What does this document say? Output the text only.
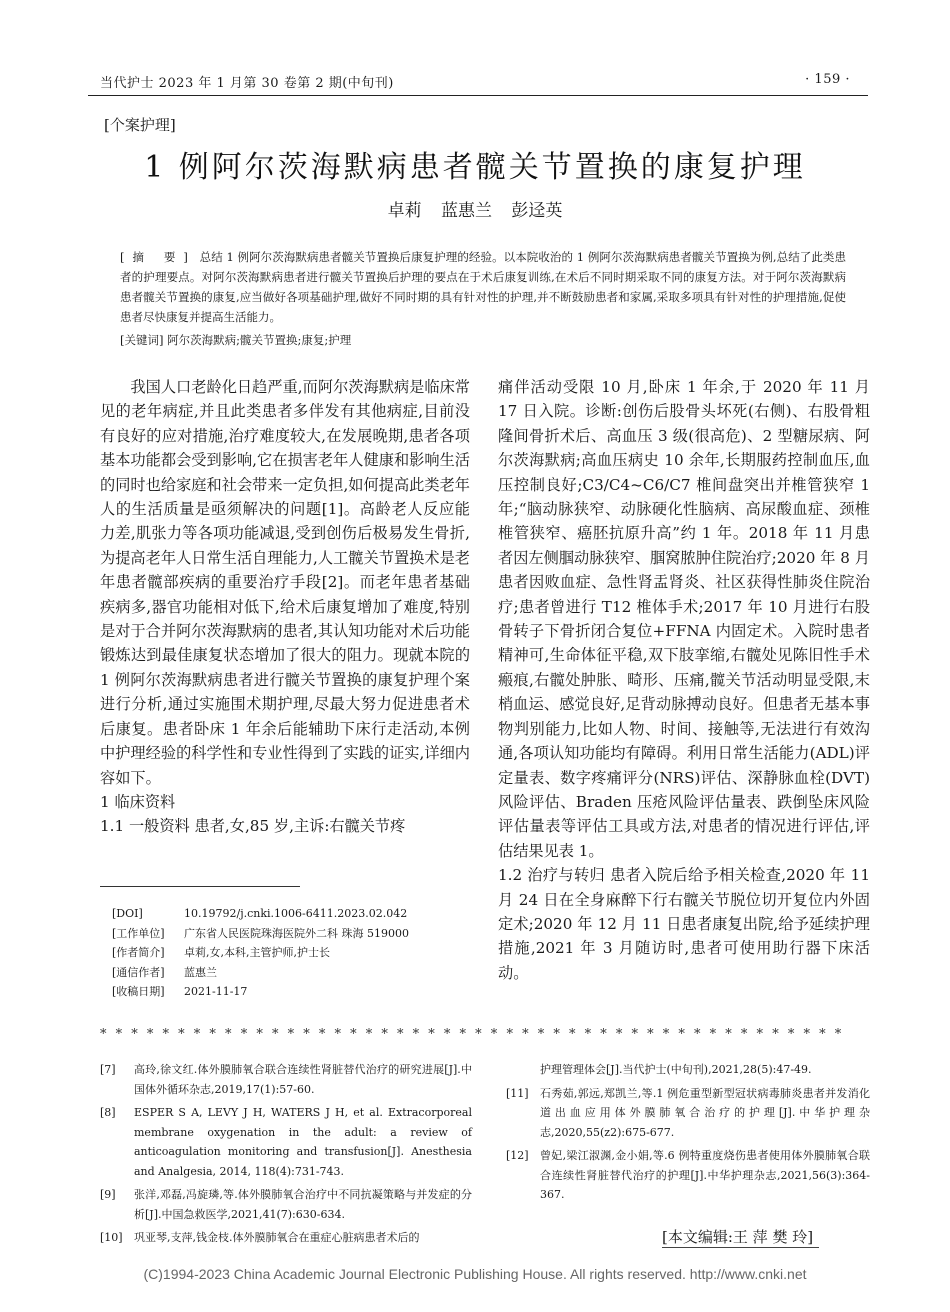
当代护士 2023 年 1 月第 30 卷第 2 期(中旬刊)	· 159 ·
[个案护理]
1 例阿尔茨海默病患者髋关节置换的康复护理
卓莉 蓝惠兰 彭迳英
[摘 要] 总结 1 例阿尔茨海默病患者髋关节置换后康复护理的经验。以本院收治的 1 例阿尔茨海默病患者髋关节置换为例,总结了此类患者的护理要点。对阿尔茨海默病患者进行髋关节置换后护理的要点在于术后康复训练,在术后不同时期采取不同的康复方法。对于阿尔茨海默病患者髋关节置换的康复,应当做好各项基础护理,做好不同时期的具有针对性的护理,并不断鼓励患者和家属,采取多项具有针对性的护理措施,促使患者尽快康复并提高生活能力。
[关键词] 阿尔茨海默病;髋关节置换;康复;护理

我国人口老龄化日趋严重,而阿尔茨海默病是临床常见的老年病症,并且此类患者多伴发有其他病症,目前没有良好的应对措施,治疗难度较大,在发展晚期,患者各项基本功能都会受到影响,它在损害老年人健康和影响生活的同时也给家庭和社会带来一定负担,如何提高此类老年人的生活质量是亟须解决的问题[1]。高龄老人反应能力差,肌张力等各项功能减退,受到创伤后极易发生骨折,为提高老年人日常生活自理能力,人工髋关节置换术是老年患者髋部疾病的重要治疗手段[2]。而老年患者基础疾病多,器官功能相对低下,给术后康复增加了难度,特别是对于合并阿尔茨海默病的患者,其认知功能对术后功能锻炼达到最佳康复状态增加了很大的阻力。现就本院的 1 例阿尔茨海默病患者进行髋关节置换的康复护理个案进行分析,通过实施围术期护理,尽最大努力促进患者术后康复。患者卧床 1 年余后能辅助下床行走活动,本例中护理经验的科学性和专业性得到了实践的证实,详细内容如下。

1 临床资料

1.1 一般资料 患者,女,85 岁,主诉:右髋关节疼

痛伴活动受限 10 月,卧床 1 年余,于 2020 年 11 月 17 日入院。诊断:创伤后股骨头坏死(右侧)、右股骨粗隆间骨折术后、高血压 3 级(很高危)、2 型糖尿病、阿尔茨海默病;高血压病史 10 余年,长期服药控制血压,血压控制良好;C3/C4~C6/C7 椎间盘突出并椎管狭窄 1 年;“脑动脉狭窄、动脉硬化性脑病、高尿酸血症、颈椎椎管狭窄、癌胚抗原升高”约 1 年。2018 年 11 月患者因左侧腘动脉狭窄、腘窝脓肿住院治疗;2020 年 8 月患者因败血症、急性肾盂肾炎、社区获得性肺炎住院治疗;患者曾进行 T12 椎体手术;2017 年 10 月进行右股骨转子下骨折闭合复位+FFNA 内固定术。入院时患者精神可,生命体征平稳,双下肢挛缩,右髋处见陈旧性手术瘢痕,右髋处肿胀、畸形、压痛,髋关节活动明显受限,末梢血运、感觉良好,足背动脉搏动良好。但患者无基本事物判别能力,比如人物、时间、接触等,无法进行有效沟通,各项认知功能均有障碍。利用日常生活能力(ADL)评定量表、数字疼痛评分(NRS)评估、深静脉血栓(DVT)风险评估、Braden 压疮风险评估量表、跌倒坠床风险评估量表等评估工具或方法,对患者的情况进行评估,评估结果见表 1。

1.2 治疗与转归 患者入院后给予相关检查,2020 年 11 月 24 日在全身麻醉下行右髋关节脱位切开复位内外固定术;2020 年 12 月 11 日患者康复出院,给予延续护理措施,2021 年 3 月随访时,患者可使用助行器下床活动。

[DOI]	10.19792/j.cnki.1006-6411.2023.02.042
[工作单位]	广东省人民医院珠海医院外二科 珠海 519000
[作者简介]	卓莉,女,本科,主管护师,护士长
[通信作者]	蓝惠兰
[收稿日期]	2021-11-17
* * * * * * * * * * * * * * * * * * * * * * * * * * * * * * * * * * * * * * * * * * * * * * * *
[7]	高玲,徐文红.体外膜肺氧合联合连续性肾脏替代治疗的研究进展[J].中国体外循环杂志,2019,17(1):57-60.
[8]	ESPER S A, LEVY J H, WATERS J H, et al. Extracorporeal membrane oxygenation in the adult: a review of anticoagulation monitoring and transfusion[J]. Anesthesia and Analgesia, 2014, 118(4):731-743.
[9]	张洋,邓磊,冯旋璘,等.体外膜肺氧合治疗中不同抗凝策略与并发症的分析[J].中国急救医学,2021,41(7):630-634.
[10]	巩亚琴,支萍,钱金枝.体外膜肺氧合在重症心脏病患者术后的
护理管理体会[J].当代护士(中旬刊),2021,28(5):47-49.
[11]	石秀茹,郭远,郑凯兰,等.1 例危重型新型冠状病毒肺炎患者并发消化道出血应用体外膜肺氧合治疗的护理[J].中华护理杂志,2020,55(z2):675-677.
[12]	曾妃,梁江淑渊,金小娟,等.6 例特重度烧伤患者使用体外膜肺氧合联合连续性肾脏替代治疗的护理[J].中华护理杂志,2021,56(3):364-367.
[本文编辑:王 萍 樊 玲]
(C)1994-2023 China Academic Journal Electronic Publishing House. All rights reserved. http://www.cnki.net
